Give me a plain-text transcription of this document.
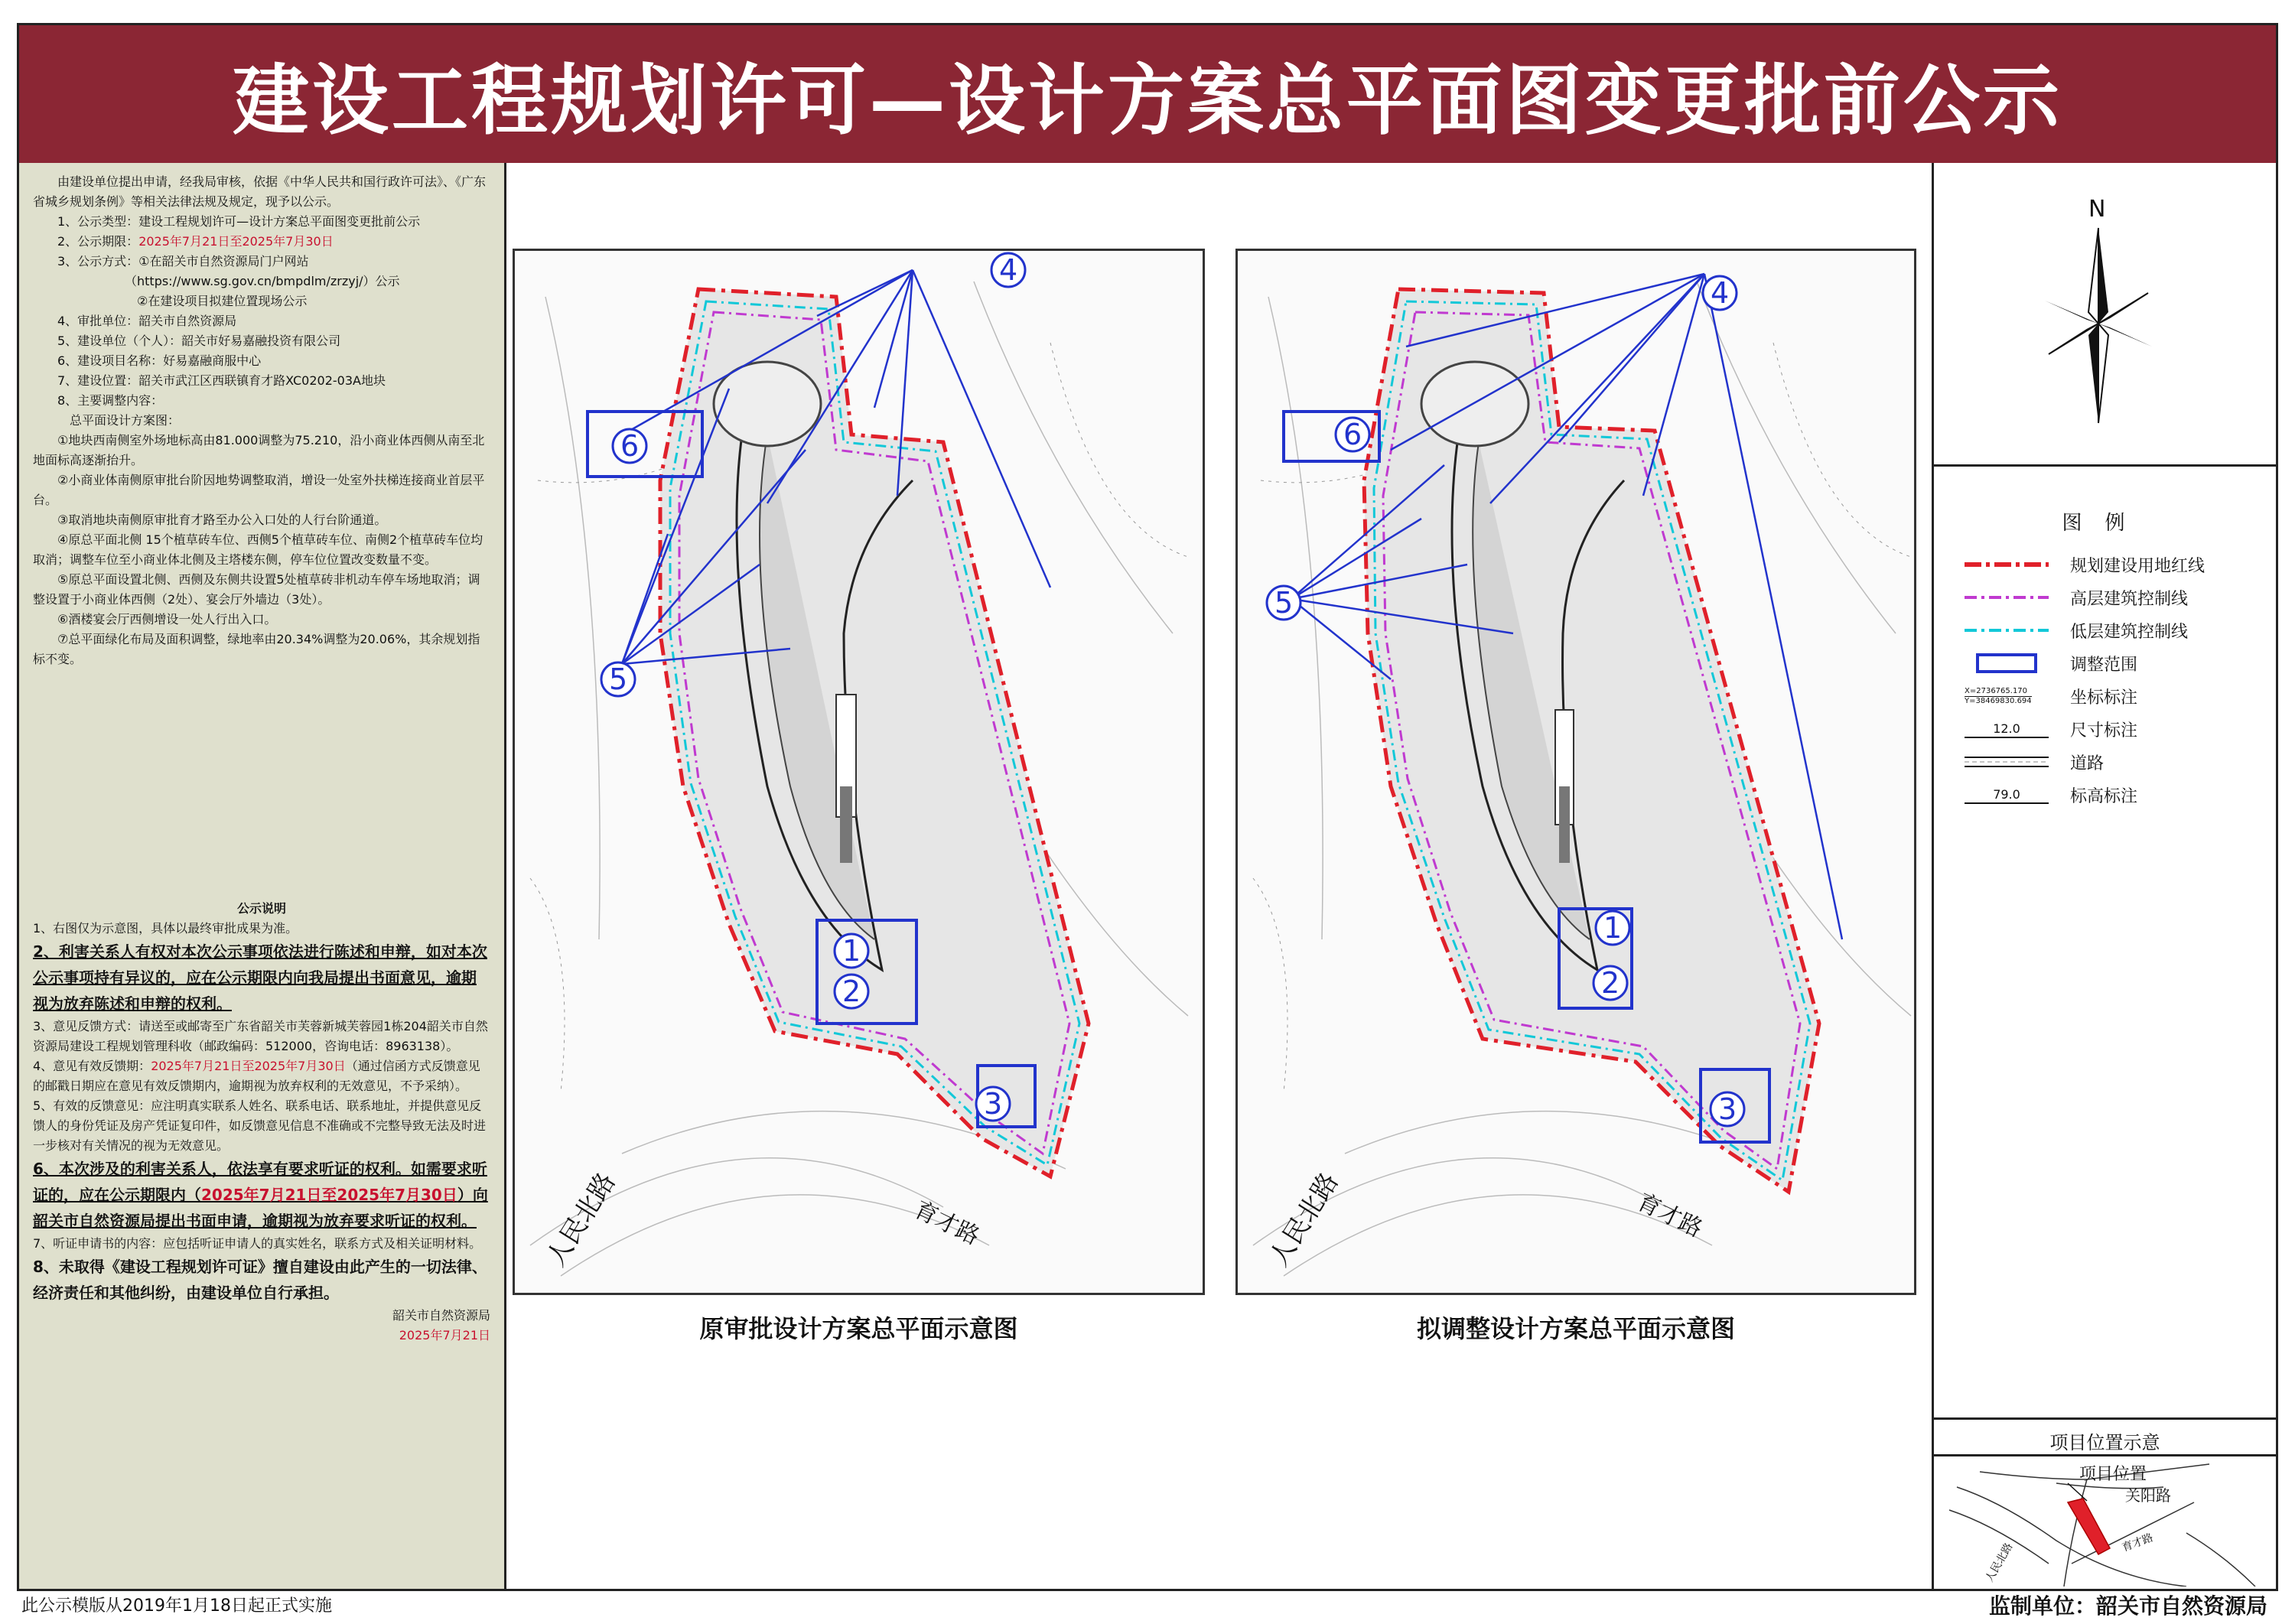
建设工程规划许可—设计方案总平面图变更批前公示

由建设单位提出申请，经我局审核，依据《中华人民共和国行政许可法》、《广东省城乡规划条例》等相关法律法规及规定，现予以公示。

1、公示类型：建设工程规划许可—设计方案总平面图变更批前公示

2、公示期限：2025年7月21日至2025年7月30日

3、公示方式：①在韶关市自然资源局门户网站

（https://www.sg.gov.cn/bmpdlm/zrzyj/）公示

②在建设项目拟建位置现场公示

4、审批单位：韶关市自然资源局

5、建设单位（个人）：韶关市好易嘉融投资有限公司

6、建设项目名称：好易嘉融商服中心

7、建设位置：韶关市武江区西联镇育才路XC0202-03A地块

8、主要调整内容：

总平面设计方案图：

①地块西南侧室外场地标高由81.000调整为75.210，沿小商业体西侧从南至北地面标高逐渐抬升。

②小商业体南侧原审批台阶因地势调整取消，增设一处室外扶梯连接商业首层平台。

③取消地块南侧原审批育才路至办公入口处的人行台阶通道。

④原总平面北侧 15个植草砖车位、西侧5个植草砖车位、南侧2个植草砖车位均取消；调整车位至小商业体北侧及主塔楼东侧，停车位位置改变数量不变。

⑤原总平面设置北侧、西侧及东侧共设置5处植草砖非机动车停车场地取消；调整设置于小商业体西侧（2处）、宴会厅外墙边（3处）。

⑥酒楼宴会厅西侧增设一处人行出入口。

⑦总平面绿化布局及面积调整，绿地率由20.34%调整为20.06%，其余规划指标不变。

公示说明

1、右图仅为示意图，具体以最终审批成果为准。

2、利害关系人有权对本次公示事项依法进行陈述和申辩，如对本次公示事项持有异议的，应在公示期限内向我局提出书面意见，逾期视为放弃陈述和申辩的权利。

3、意见反馈方式：请送至或邮寄至广东省韶关市芙蓉新城芙蓉园1栋204韶关市自然资源局建设工程规划管理科收（邮政编码：512000，咨询电话：8963138）。

4、意见有效反馈期：2025年7月21日至2025年7月30日（通过信函方式反馈意见的邮戳日期应在意见有效反馈期内，逾期视为放弃权利的无效意见，不予采纳）。

5、有效的反馈意见：应注明真实联系人姓名、联系电话、联系地址，并提供意见反馈人的身份凭证及房产凭证复印件，如反馈意见信息不准确或不完整导致无法及时进一步核对有关情况的视为无效意见。

6、本次涉及的利害关系人，依法享有要求听证的权利。如需要求听证的，应在公示期限内（2025年7月21日至2025年7月30日）向韶关市自然资源局提出书面申请，逾期视为放弃要求听证的权利。

7、听证申请书的内容：应包括听证申请人的真实姓名，联系方式及相关证明材料。

8、未取得《建设工程规划许可证》擅自建设由此产生的一切法律、经济责任和其他纠纷，由建设单位自行承担。

韶关市自然资源局

2025年7月21日

6
4
5
1
2
3
人民北路	育才路
原审批设计方案总平面示意图
6
4
5
1
2
3
人民北路	育才路
拟调整设计方案总平面示意图
N
图例
规划建设用地红线
高层建筑控制线
低层建筑控制线
调整范围
X=2736765.170
Y=38469830.694 坐标标注
12.0	尺寸标注
道路
79.0	标高标注
项目位置示意
项目位置
关阳路
人民北路	育才路
此公示模版从2019年1月18日起正式实施	监制单位：韶关市自然资源局
